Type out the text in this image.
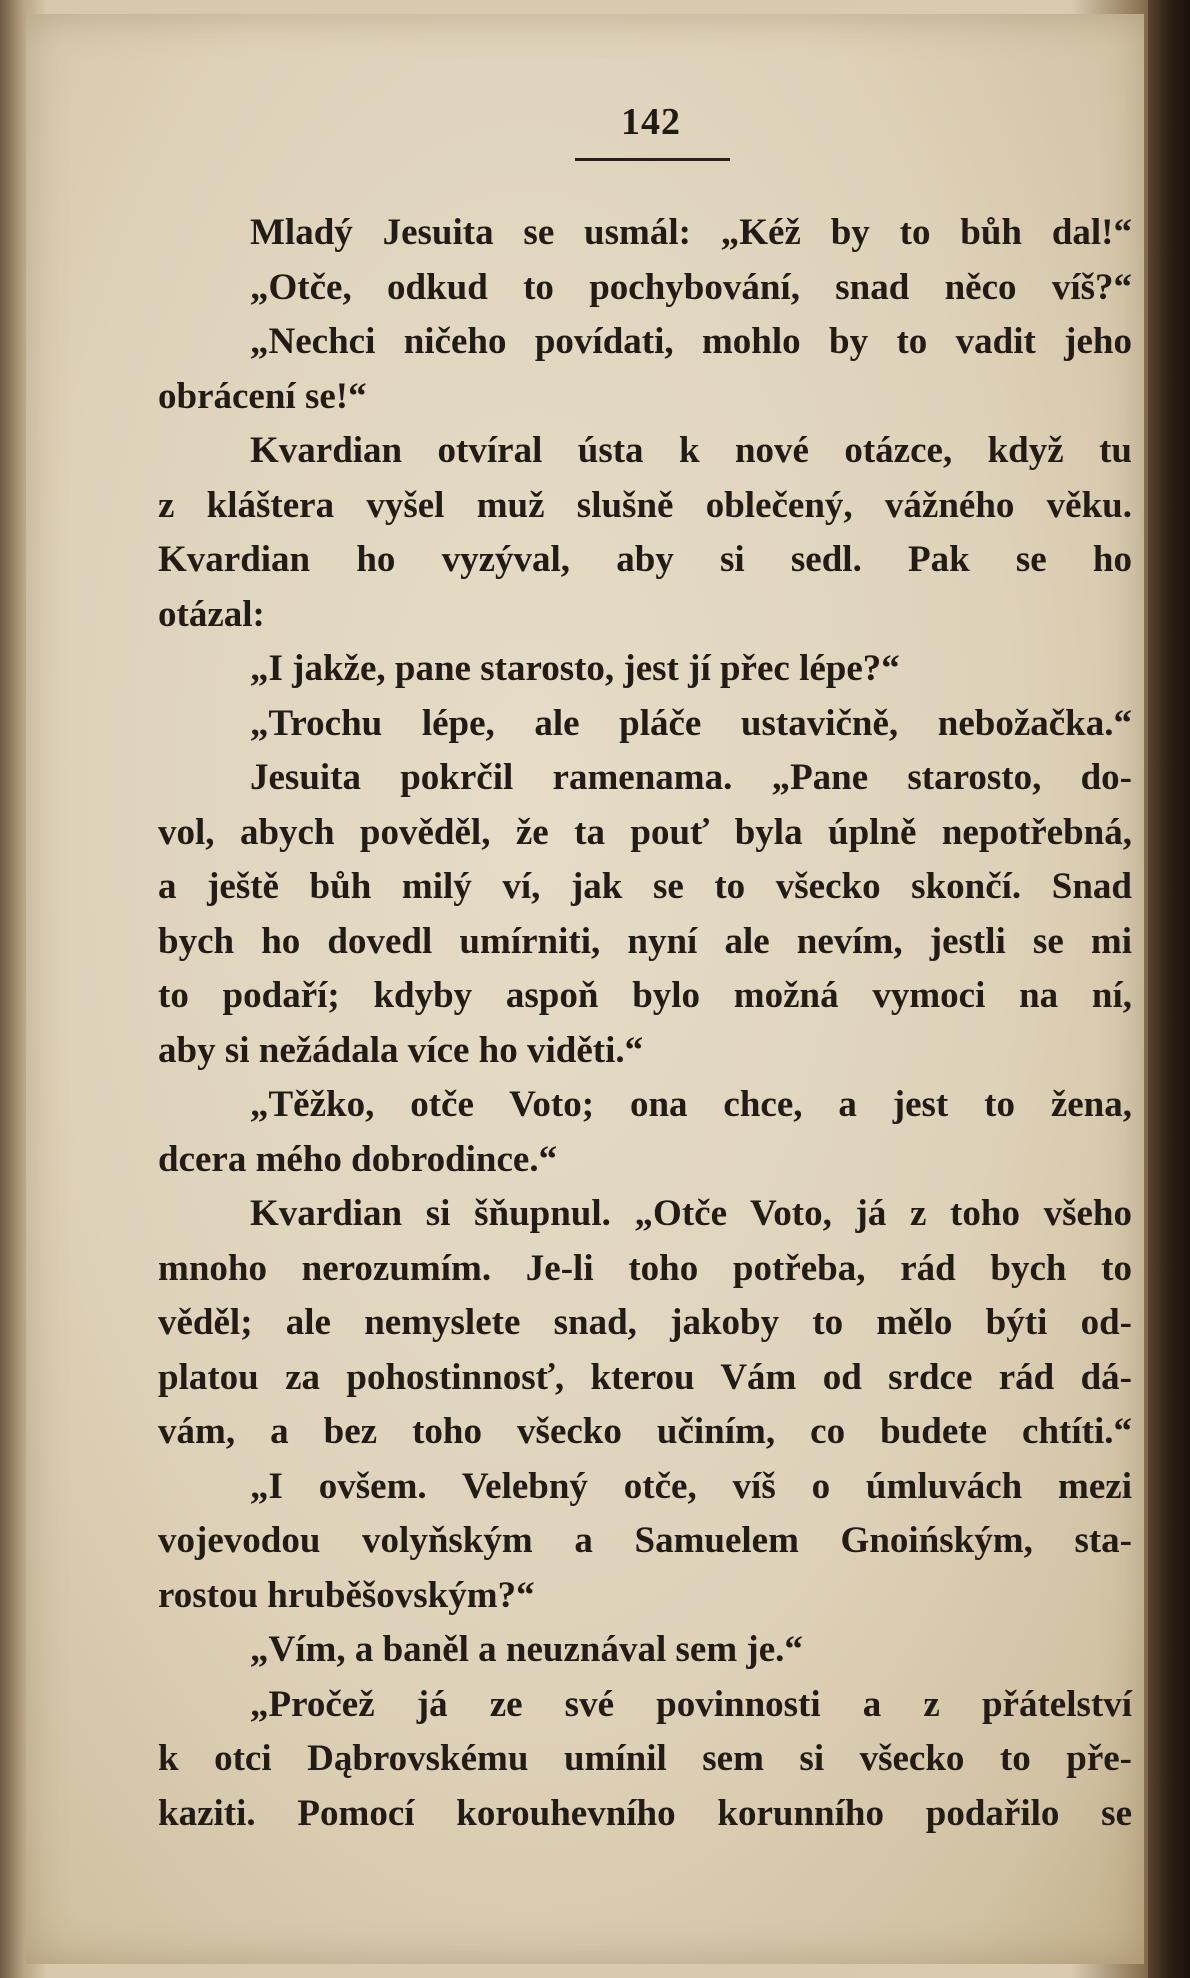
142
Mladý Jesuita se usmál: „Kéž by to bůh dal!“
„Otče, odkud to pochybování, snad něco víš?“
„Nechci ničeho povídati, mohlo by to vadit jeho
obrácení se!“
Kvardian otvíral ústa k nové otázce, když tu
z kláštera vyšel muž slušně oblečený, vážného věku.
Kvardian ho vyzýval, aby si sedl. Pak se ho
otázal:
„I jakže, pane starosto, jest jí přec lépe?“
„Trochu lépe, ale pláče ustavičně, nebožačka.“
Jesuita pokrčil ramenama. „Pane starosto, do-
vol, abych pověděl, že ta pouť byla úplně nepotřebná,
a ještě bůh milý ví, jak se to všecko skončí. Snad
bych ho dovedl umírniti, nyní ale nevím, jestli se mi
to podaří; kdyby aspoň bylo možná vymoci na ní,
aby si nežádala více ho viděti.“
„Těžko, otče Voto; ona chce, a jest to žena,
dcera mého dobrodince.“
Kvardian si šňupnul. „Otče Voto, já z toho všeho
mnoho nerozumím. Je-li toho potřeba, rád bych to
věděl; ale nemyslete snad, jakoby to mělo býti od-
platou za pohostinnosť, kterou Vám od srdce rád dá-
vám, a bez toho všecko učiním, co budete chtíti.“
„I ovšem. Velebný otče, víš o úmluvách mezi
vojevodou volyňským a Samuelem Gnoińským, sta-
rostou hruběšovským?“
„Vím, a baněl a neuznával sem je.“
„Pročež já ze své povinnosti a z přátelství
k otci Dąbrovskému umínil sem si všecko to pře-
kaziti. Pomocí korouhevního korunního podařilo se
